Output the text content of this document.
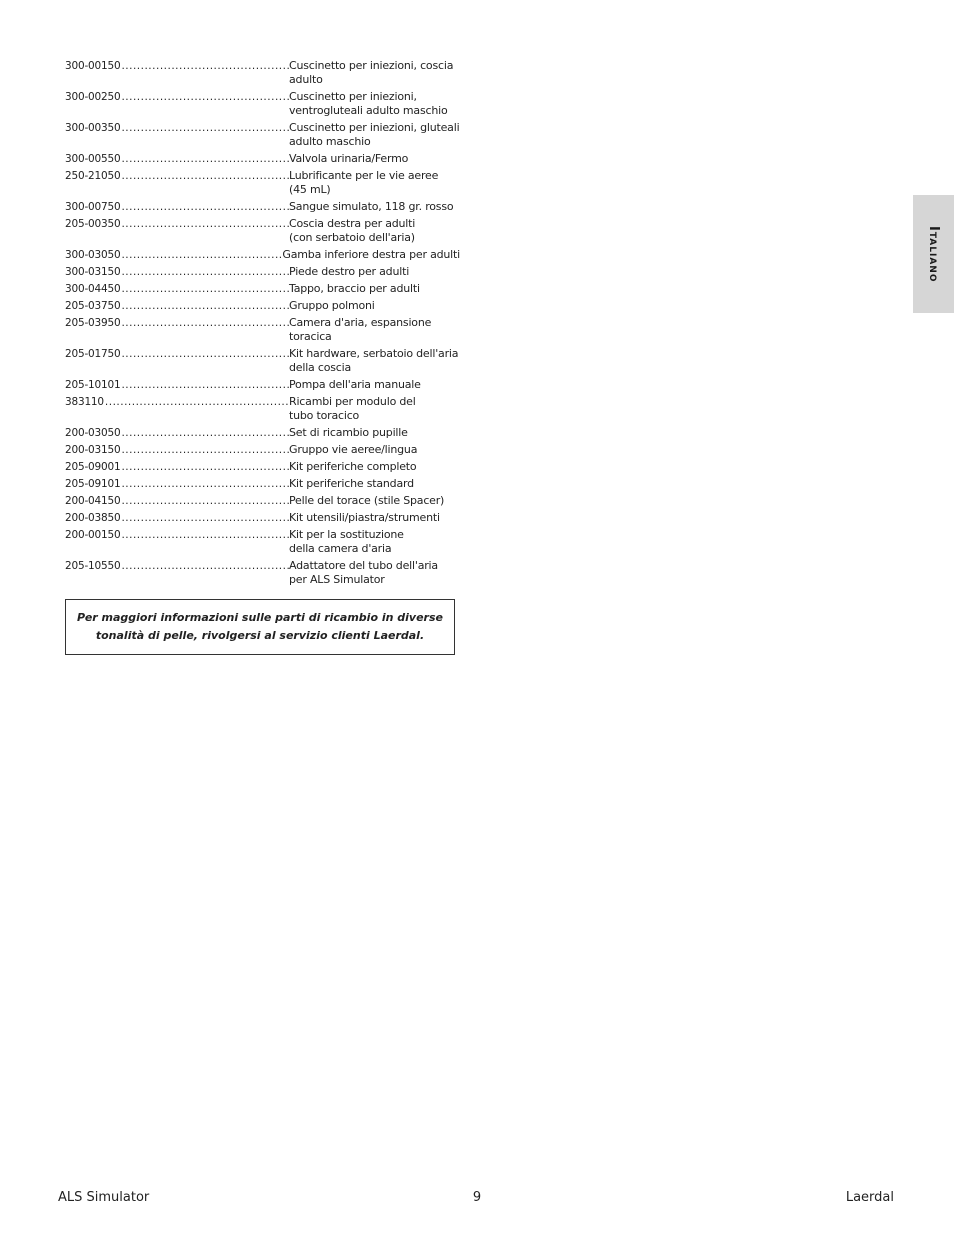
300-00150 .....	Cuscinetto per iniezioni, coscia
adulto
300-00250 .....	Cuscinetto per iniezioni,
ventrogluteali adulto maschio
300-00350 .....	Cuscinetto per iniezioni, gluteali
adulto maschio
300-00550 .....	Valvola urinaria/Fermo
250-21050 .....	Lubrificante per le vie aeree
(45 mL)
300-00750 .....	Sangue simulato, 118 gr. rosso
205-00350 .....	Coscia destra per adulti
(con serbatoio dell'aria)
300-03050 .....	Gamba inferiore destra per adulti
300-03150 .....	Piede destro per adulti
300-04450 .....	Tappo, braccio per adulti
205-03750 .....	Gruppo polmoni
205-03950 .....	Camera d'aria, espansione
toracica
205-01750 .....	Kit hardware, serbatoio dell'aria
della coscia
205-10101 .....	Pompa dell'aria manuale
383110 .....	Ricambi per modulo del
tubo toracico
200-03050 .....	Set di ricambio pupille
200-03150 .....	Gruppo vie aeree/lingua
205-09001 .....	Kit periferiche completo
205-09101 .....	Kit periferiche standard
200-04150 .....	Pelle del torace (stile Spacer)
200-03850 .....	Kit utensili/piastra/strumenti
200-00150 .....	Kit per la sostituzione
della camera d'aria
205-10550 .....	Adattatore del tubo dell'aria
per ALS Simulator
Per maggiori informazioni sulle parti di ricambio in diverse
tonalità di pelle, rivolgersi al servizio clienti Laerdal.
Italiano
ALS Simulator	9	Laerdal
